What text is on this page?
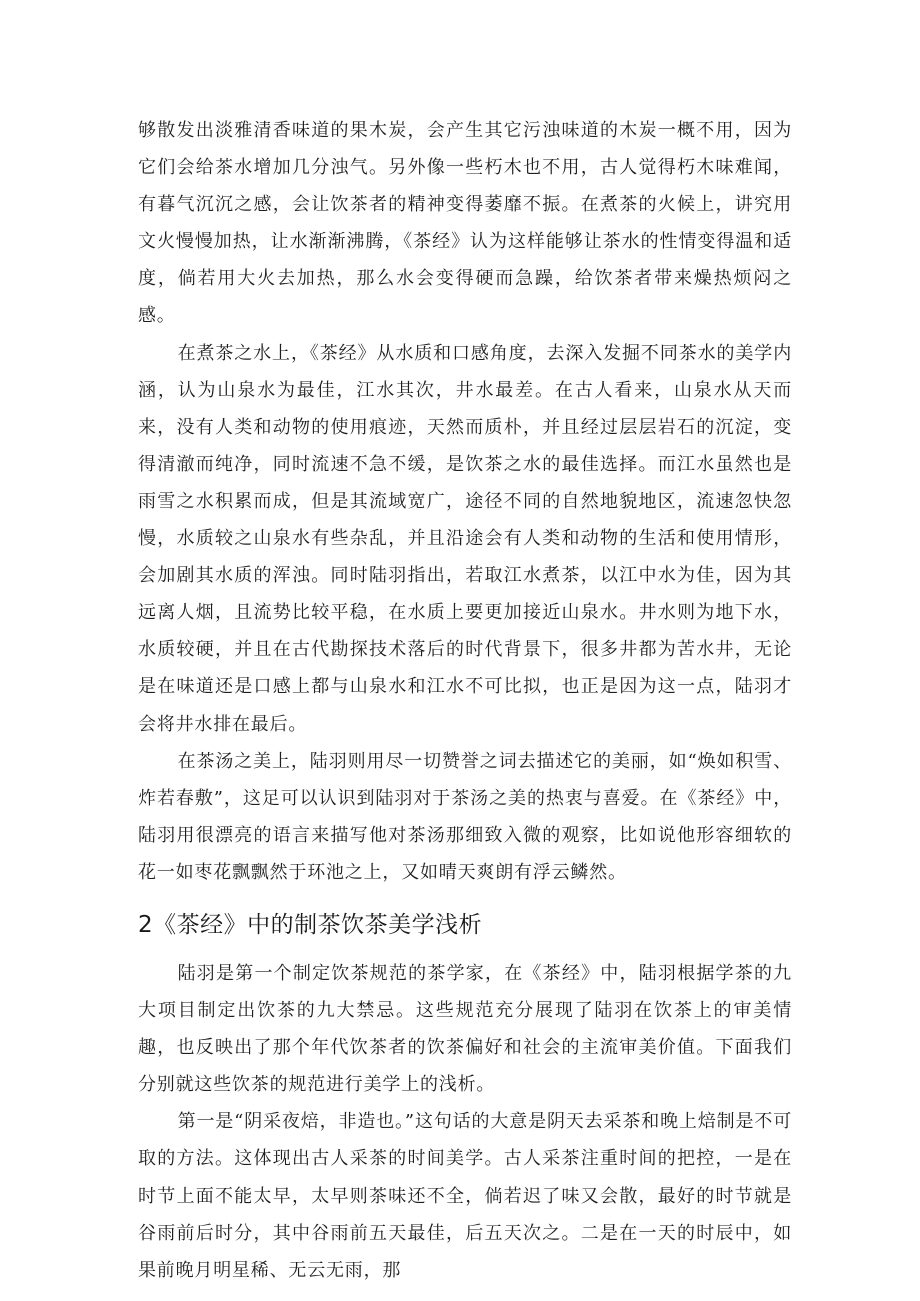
够散发出淡雅清香味道的果木炭，会产生其它污浊味道的木炭一概不用，因为它们会给茶水增加几分浊气。另外像一些朽木也不用，古人觉得朽木味难闻，有暮气沉沉之感，会让饮茶者的精神变得萎靡不振。在煮茶的火候上，讲究用文火慢慢加热，让水渐渐沸腾，《茶经》认为这样能够让茶水的性情变得温和适度，倘若用大火去加热，那么水会变得硬而急躁，给饮茶者带来燥热烦闷之感。

在煮茶之水上，《茶经》从水质和口感角度，去深入发掘不同茶水的美学内涵，认为山泉水为最佳，江水其次，井水最差。在古人看来，山泉水从天而来，没有人类和动物的使用痕迹，天然而质朴，并且经过层层岩石的沉淀，变得清澈而纯净，同时流速不急不缓，是饮茶之水的最佳选择。而江水虽然也是雨雪之水积累而成，但是其流域宽广，途径不同的自然地貌地区，流速忽快忽慢，水质较之山泉水有些杂乱，并且沿途会有人类和动物的生活和使用情形，会加剧其水质的浑浊。同时陆羽指出，若取江水煮茶，以江中水为佳，因为其远离人烟，且流势比较平稳，在水质上要更加接近山泉水。井水则为地下水，水质较硬，并且在古代勘探技术落后的时代背景下，很多井都为苦水井，无论是在味道还是口感上都与山泉水和江水不可比拟，也正是因为这一点，陆羽才会将井水排在最后。

在茶汤之美上，陆羽则用尽一切赞誉之词去描述它的美丽，如“焕如积雪、炸若春敷”，这足可以认识到陆羽对于茶汤之美的热衷与喜爱。在《茶经》中，陆羽用很漂亮的语言来描写他对茶汤那细致入微的观察，比如说他形容细软的花一如枣花飘飘然于环池之上，又如晴天爽朗有浮云鳞然。

2《茶经》中的制茶饮茶美学浅析

陆羽是第一个制定饮茶规范的茶学家，在《茶经》中，陆羽根据学茶的九大项目制定出饮茶的九大禁忌。这些规范充分展现了陆羽在饮茶上的审美情趣，也反映出了那个年代饮茶者的饮茶偏好和社会的主流审美价值。下面我们分别就这些饮茶的规范进行美学上的浅析。

第一是“阴采夜焙，非造也。”这句话的大意是阴天去采茶和晚上焙制是不可取的方法。这体现出古人采茶的时间美学。古人采茶注重时间的把控，一是在时节上面不能太早，太早则茶味还不全，倘若迟了味又会散，最好的时节就是谷雨前后时分，其中谷雨前五天最佳，后五天次之。二是在一天的时辰中，如果前晚月明星稀、无云无雨，那
